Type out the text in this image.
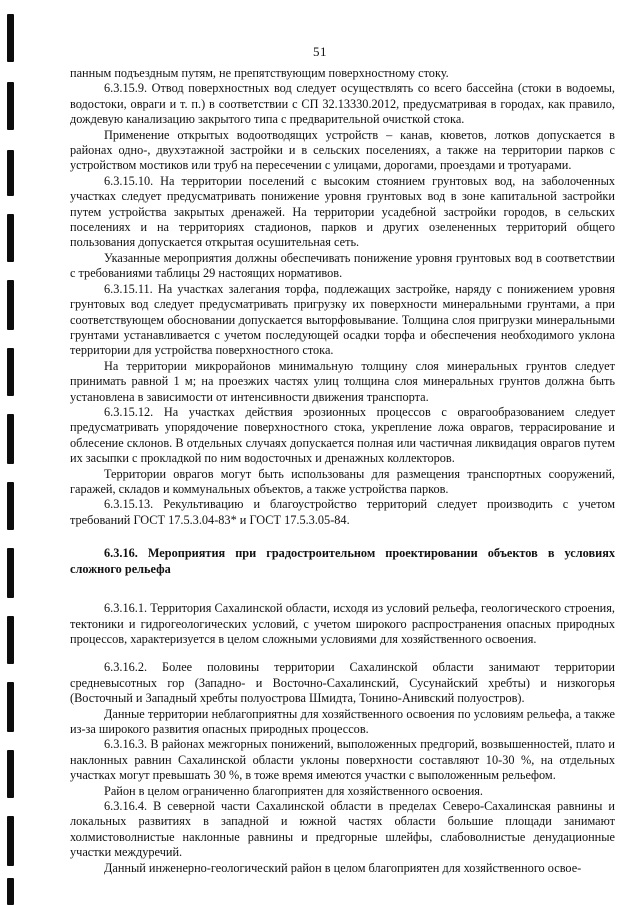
51

панным подъездным путям, не препятствующим поверхностному стоку.

6.3.15.9. Отвод поверхностных вод следует осуществлять со всего бассейна (стоки в водоемы, водостоки, овраги и т. п.) в соответствии с СП 32.13330.2012, предусматривая в городах, как правило, дождевую канализацию закрытого типа с предварительной очисткой стока.

Применение открытых водоотводящих устройств – канав, кюветов, лотков допускается в районах одно-, двухэтажной застройки и в сельских поселениях, а также на территории парков с устройством мостиков или труб на пересечении с улицами, дорогами, проездами и тротуарами.

6.3.15.10. На территории поселений с высоким стоянием грунтовых вод, на заболоченных участках следует предусматривать понижение уровня грунтовых вод в зоне капитальной застройки путем устройства закрытых дренажей. На территории усадебной застройки городов, в сельских поселениях и на территориях стадионов, парков и других озелененных территорий общего пользования допускается открытая осушительная сеть.

Указанные мероприятия должны обеспечивать понижение уровня грунтовых вод в соответствии с требованиями таблицы 29 настоящих нормативов.

6.3.15.11. На участках залегания торфа, подлежащих застройке, наряду с понижением уровня грунтовых вод следует предусматривать пригрузку их поверхности минеральными грунтами, а при соответствующем обосновании допускается выторфовывание. Толщина слоя пригрузки минеральными грунтами устанавливается с учетом последующей осадки торфа и обеспечения необходимого уклона территории для устройства поверхностного стока.

На территории микрорайонов минимальную толщину слоя минеральных грунтов следует принимать равной 1 м; на проезжих частях улиц толщина слоя минеральных грунтов должна быть установлена в зависимости от интенсивности движения транспорта.

6.3.15.12. На участках действия эрозионных процессов с оврагообразованием следует предусматривать упорядочение поверхностного стока, укрепление ложа оврагов, террасирование и облесение склонов. В отдельных случаях допускается полная или частичная ликвидация оврагов путем их засыпки с прокладкой по ним водосточных и дренажных коллекторов.

Территории оврагов могут быть использованы для размещения транспортных сооружений, гаражей, складов и коммунальных объектов, а также устройства парков.

6.3.15.13. Рекультивацию и благоустройство территорий следует производить с учетом требований ГОСТ 17.5.3.04-83* и ГОСТ 17.5.3.05-84.

6.3.16. Мероприятия при градостроительном проектировании объектов в условиях сложного рельефа

6.3.16.1. Территория Сахалинской области, исходя из условий рельефа, геологического строения, тектоники и гидрогеологических условий, с учетом широкого распространения опасных природных процессов, характеризуется в целом сложными условиями для хозяйственного освоения.

6.3.16.2. Более половины территории Сахалинской области занимают территории средневысотных гор (Западно- и Восточно-Сахалинский, Сусунайский хребты) и низкогорья (Восточный и Западный хребты полуострова Шмидта, Тонино-Анивский полуостров).

Данные территории неблагоприятны для хозяйственного освоения по условиям рельефа, а также из-за широкого развития опасных природных процессов.

6.3.16.3. В районах межгорных понижений, выположенных предгорий, возвышенностей, плато и наклонных равнин Сахалинской области уклоны поверхности составляют 10-30 %, на отдельных участках могут превышать 30 %, в тоже время имеются участки с выположенным рельефом.

Район в целом ограниченно благоприятен для хозяйственного освоения.

6.3.16.4. В северной части Сахалинской области в пределах Северо-Сахалинская равнины и локальных развитиях в западной и южной частях области большие площади занимают холмистоволнистые наклонные равнины и предгорные шлейфы, слабоволнистые денудационные участки междуречий.

Данный инженерно-геологический район в целом благоприятен для хозяйственного освое-
